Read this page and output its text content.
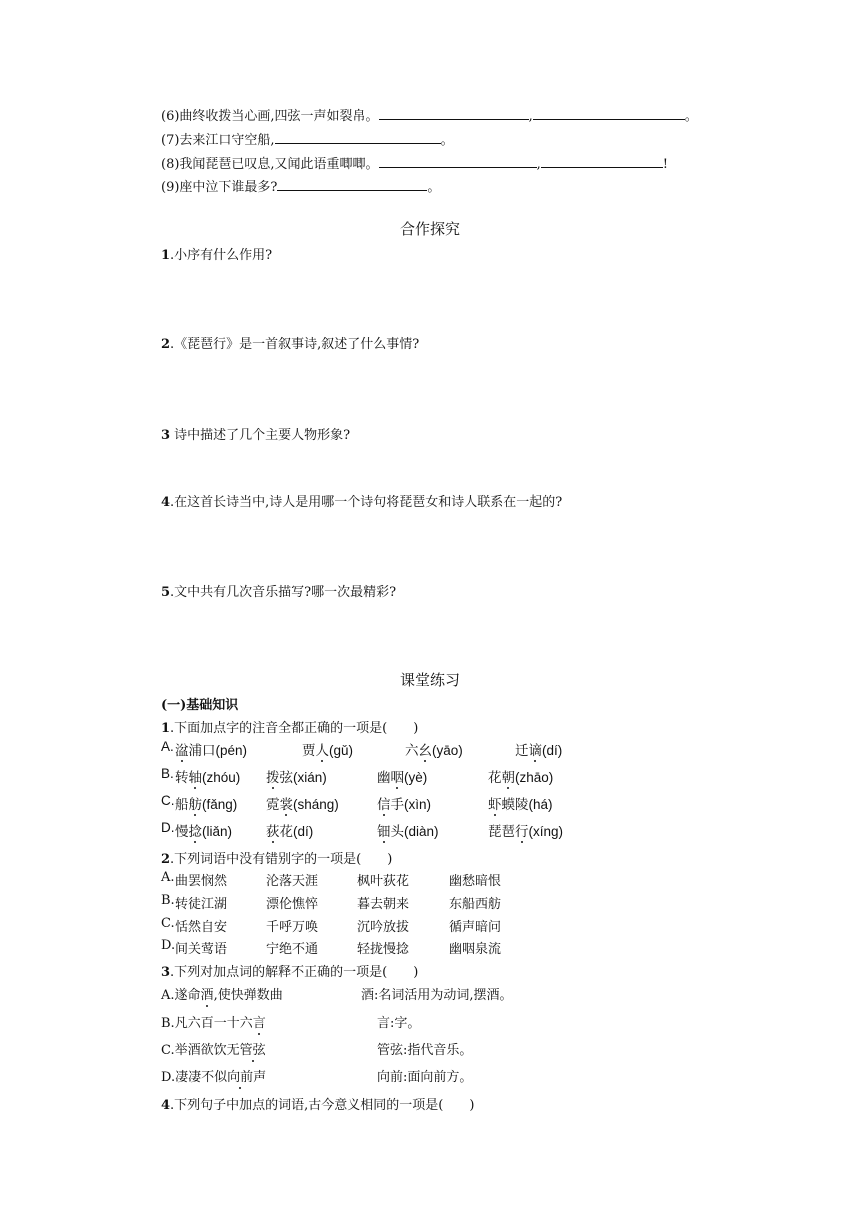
(6)曲终收拨当心画,四弦一声如裂帛。	,	。
(7)去来江口守空船,	。
(8)我闻琵琶已叹息,又闻此语重唧唧。	,	!
(9)座中泣下谁最多?	。
合作探究
1.小序有什么作用?
2.《琵琶行》是一首叙事诗,叙述了什么事情?
3 诗中描述了几个主要人物形象?
4.在这首长诗当中,诗人是用哪一个诗句将琵琶女和诗人联系在一起的?
5.文中共有几次音乐描写?哪一次最精彩?
课堂练习
(一)基础知识
1.下面加点字的注音全都正确的一项是(　　)
A. 湓浦口(pén)	贾人(gǔ)	六幺(yāo)	迁谪(dí)
B. 转轴(zhóu) 拨弦(xián)	幽咽(yè)	花朝(zhāo)
C. 船舫(fǎng) 霓裳(sháng)	信手(xìn)	虾蟆陵(há)
D. 慢捻(liǎn)	荻花(dí)	钿头(diàn)	琵琶行(xíng)
2.下列词语中没有错别字的一项是(　　)
A. 曲罢悯然	沦落天涯	枫叶荻花	幽愁暗恨
B. 转徒江湖	漂伦憔悴	暮去朝来	东船西舫
C. 恬然自安	千呼万唤	沉吟放拔	循声暗问
D. 间关莺语	宁绝不通	轻拢慢捻	幽咽泉流
3.下列对加点词的解释不正确的一项是(　　)
A.遂命酒,使快弹数曲	酒:名词活用为动词,摆酒。
B.凡六百一十六言	言:字。
C.举酒欲饮无管弦	管弦:指代音乐。
D.凄凄不似向前声	向前:面向前方。
4.下列句子中加点的词语,古今意义相同的一项是(　　)
